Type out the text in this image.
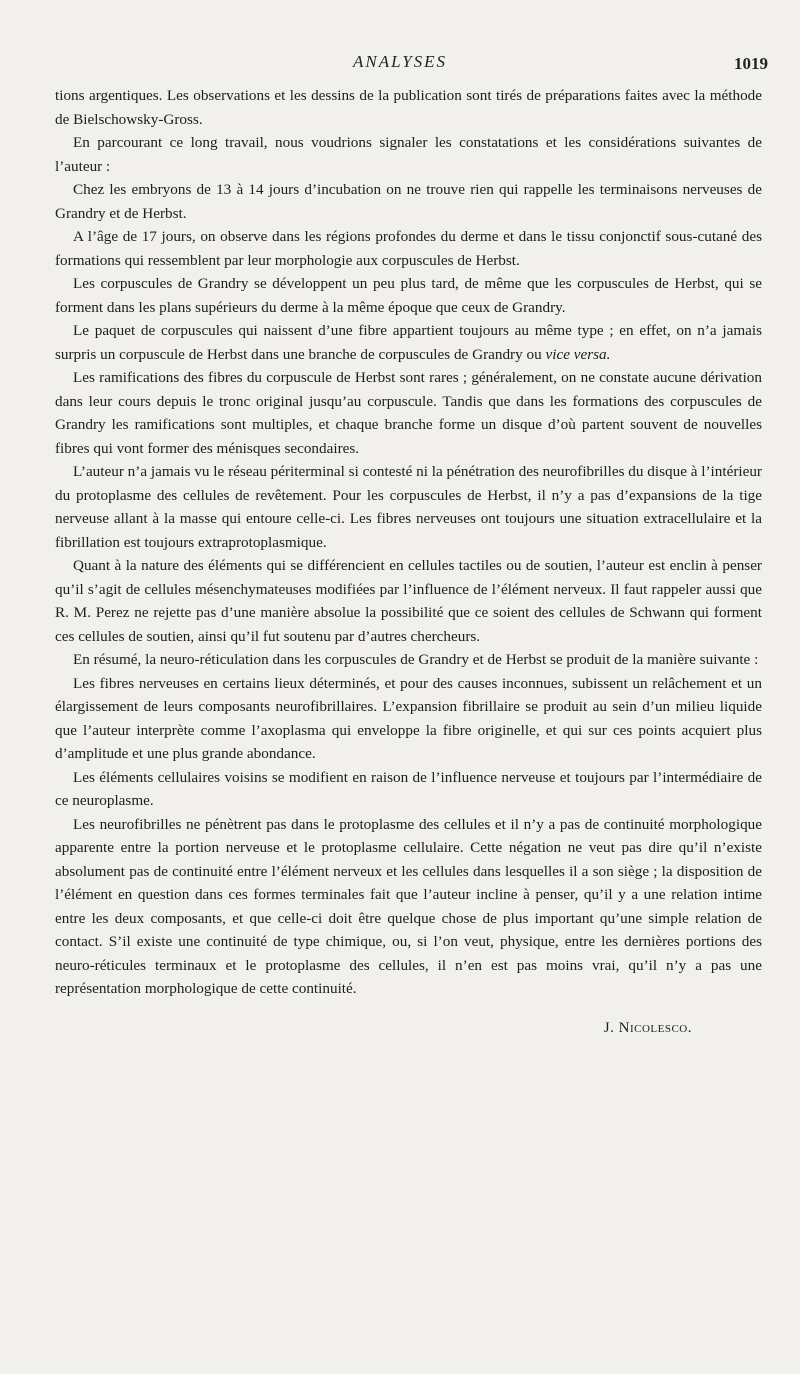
ANALYSES	1019

tions argentiques. Les observations et les dessins de la publication sont tirés de préparations faites avec la méthode de Bielschowsky-Gross.

En parcourant ce long travail, nous voudrions signaler les constatations et les considérations suivantes de l’auteur :

Chez les embryons de 13 à 14 jours d’incubation on ne trouve rien qui rappelle les terminaisons nerveuses de Grandry et de Herbst.

A l’âge de 17 jours, on observe dans les régions profondes du derme et dans le tissu conjonctif sous-cutané des formations qui ressemblent par leur morphologie aux corpuscules de Herbst.

Les corpuscules de Grandry se développent un peu plus tard, de même que les corpuscules de Herbst, qui se forment dans les plans supérieurs du derme à la même époque que ceux de Grandry.

Le paquet de corpuscules qui naissent d’une fibre appartient toujours au même type ; en effet, on n’a jamais surpris un corpuscule de Herbst dans une branche de corpuscules de Grandry ou vice versa.

Les ramifications des fibres du corpuscule de Herbst sont rares ; généralement, on ne constate aucune dérivation dans leur cours depuis le tronc original jusqu’au corpuscule. Tandis que dans les formations des corpuscules de Grandry les ramifications sont multiples, et chaque branche forme un disque d’où partent souvent de nouvelles fibres qui vont former des ménisques secondaires.

L’auteur n’a jamais vu le réseau périterminal si contesté ni la pénétration des neurofibrilles du disque à l’intérieur du protoplasme des cellules de revêtement. Pour les corpuscules de Herbst, il n’y a pas d’expansions de la tige nerveuse allant à la masse qui entoure celle-ci. Les fibres nerveuses ont toujours une situation extracellulaire et la fibrillation est toujours extraprotoplasmique.

Quant à la nature des éléments qui se différencient en cellules tactiles ou de soutien, l’auteur est enclin à penser qu’il s’agit de cellules mésenchymateuses modifiées par l’influence de l’élément nerveux. Il faut rappeler aussi que R. M. Perez ne rejette pas d’une manière absolue la possibilité que ce soient des cellules de Schwann qui forment ces cellules de soutien, ainsi qu’il fut soutenu par d’autres chercheurs.

En résumé, la neuro-réticulation dans les corpuscules de Grandry et de Herbst se produit de la manière suivante :

Les fibres nerveuses en certains lieux déterminés, et pour des causes inconnues, subissent un relâchement et un élargissement de leurs composants neurofibrillaires. L’expansion fibrillaire se produit au sein d’un milieu liquide que l’auteur interprète comme l’axoplasma qui enveloppe la fibre originelle, et qui sur ces points acquiert plus d’amplitude et une plus grande abondance.

Les éléments cellulaires voisins se modifient en raison de l’influence nerveuse et toujours par l’intermédiaire de ce neuroplasme.

Les neurofibrilles ne pénètrent pas dans le protoplasme des cellules et il n’y a pas de continuité morphologique apparente entre la portion nerveuse et le protoplasme cellulaire. Cette négation ne veut pas dire qu’il n’existe absolument pas de continuité entre l’élément nerveux et les cellules dans lesquelles il a son siège ; la disposition de l’élément en question dans ces formes terminales fait que l’auteur incline à penser, qu’il y a une relation intime entre les deux composants, et que celle-ci doit être quelque chose de plus important qu’une simple relation de contact. S’il existe une continuité de type chimique, ou, si l’on veut, physique, entre les dernières portions des neuro-réticules terminaux et le protoplasme des cellules, il n’en est pas moins vrai, qu’il n’y a pas une représentation morphologique de cette continuité.

J. Nicolesco.
